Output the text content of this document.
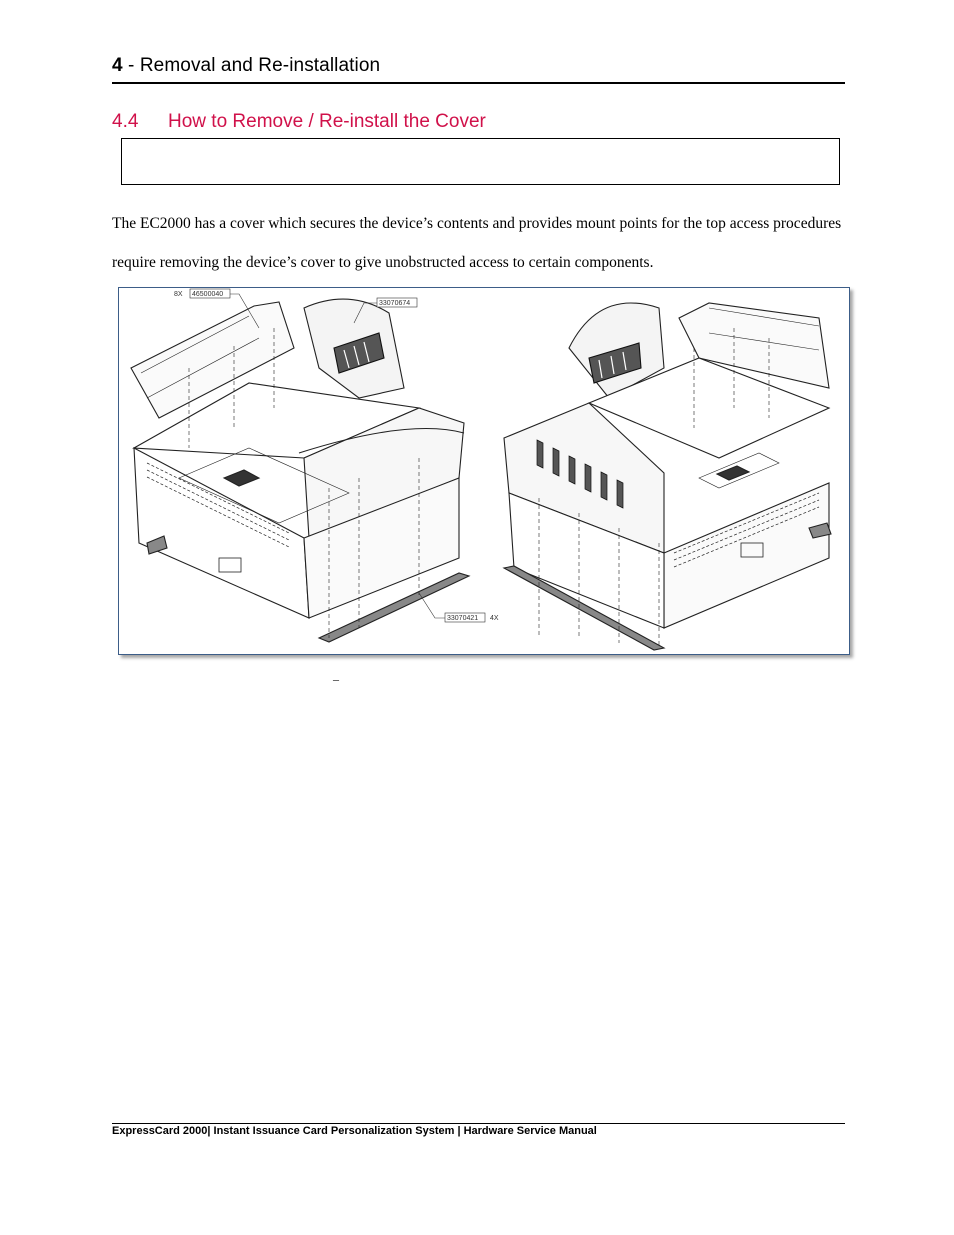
4 - Removal and Re-installation
4.4 How to Remove / Re-install the Cover
The EC2000 has a cover which secures the device’s contents and provides mount points for the top access procedures require removing the device’s cover to give unobstructed access to certain components.
8X 46500040
33070674
33070421 4X
–
ExpressCard 2000| Instant Issuance Card Personalization System | Hardware Service Manual
